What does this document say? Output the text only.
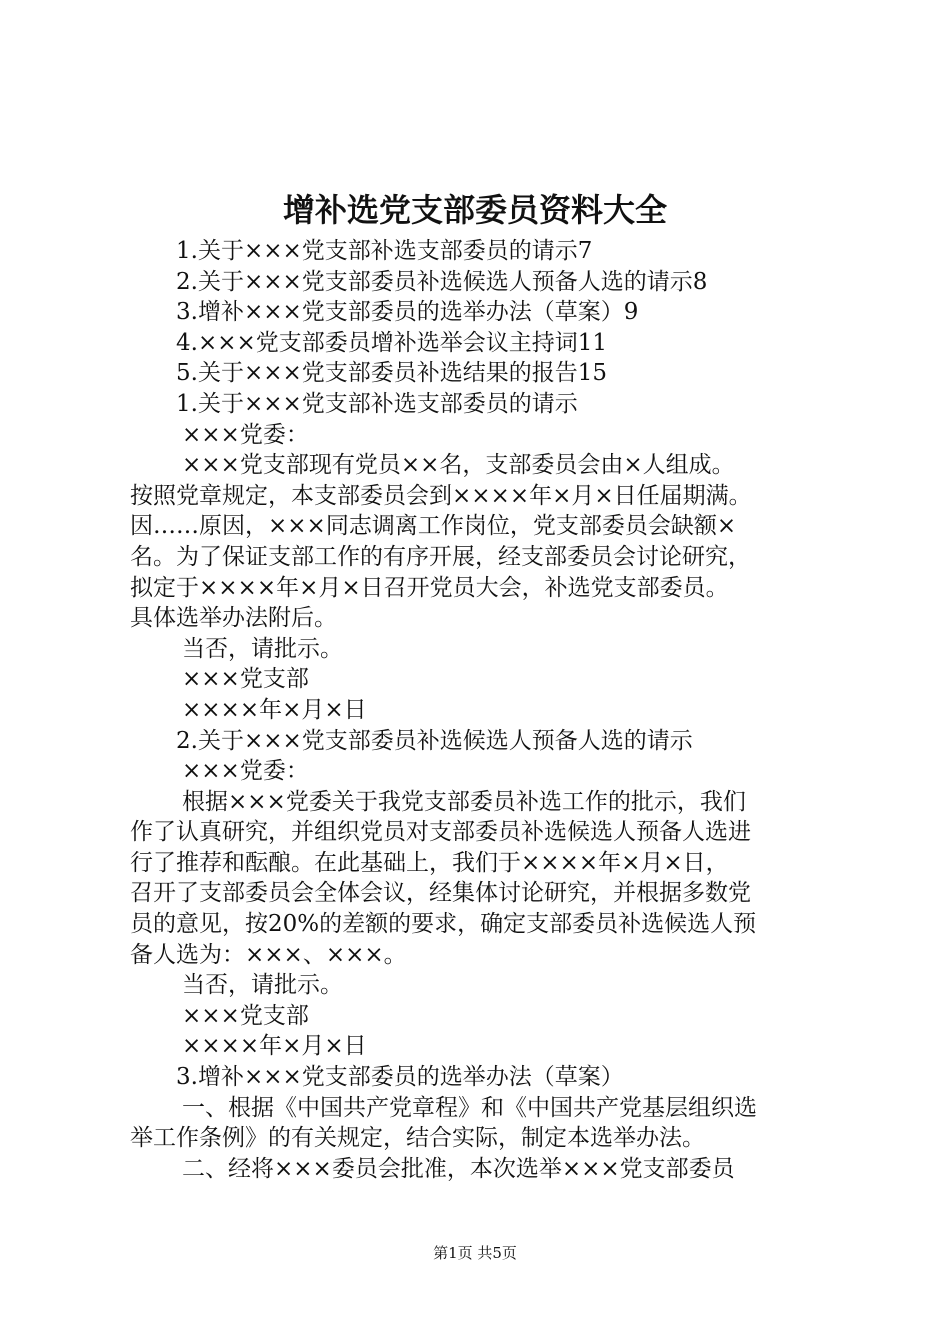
增补选党支部委员资料大全

1.关于×××党支部补选支部委员的请示7

2.关于×××党支部委员补选候选人预备人选的请示8

3.增补×××党支部委员的选举办法（草案）9

4.×××党支部委员增补选举会议主持词11

5.关于×××党支部委员补选结果的报告15

1.关于×××党支部补选支部委员的请示

×××党委：

×××党支部现有党员××名，支部委员会由×人组成。

按照党章规定，本支部委员会到××××年×月×日任届期满。

因……原因，×××同志调离工作岗位，党支部委员会缺额×

名。为了保证支部工作的有序开展，经支部委员会讨论研究，

拟定于××××年×月×日召开党员大会，补选党支部委员。

具体选举办法附后。

当否，请批示。

×××党支部

××××年×月×日

2.关于×××党支部委员补选候选人预备人选的请示

×××党委：

根据×××党委关于我党支部委员补选工作的批示，我们

作了认真研究，并组织党员对支部委员补选候选人预备人选进

行了推荐和酝酿。在此基础上，我们于××××年×月×日，

召开了支部委员会全体会议，经集体讨论研究，并根据多数党

员的意见，按20%的差额的要求，确定支部委员补选候选人预

备人选为：×××、×××。

当否，请批示。

×××党支部

××××年×月×日

3.增补×××党支部委员的选举办法（草案）

一、根据《中国共产党章程》和《中国共产党基层组织选

举工作条例》的有关规定，结合实际，制定本选举办法。

二、经将×××委员会批准，本次选举×××党支部委员

第1页 共5页
